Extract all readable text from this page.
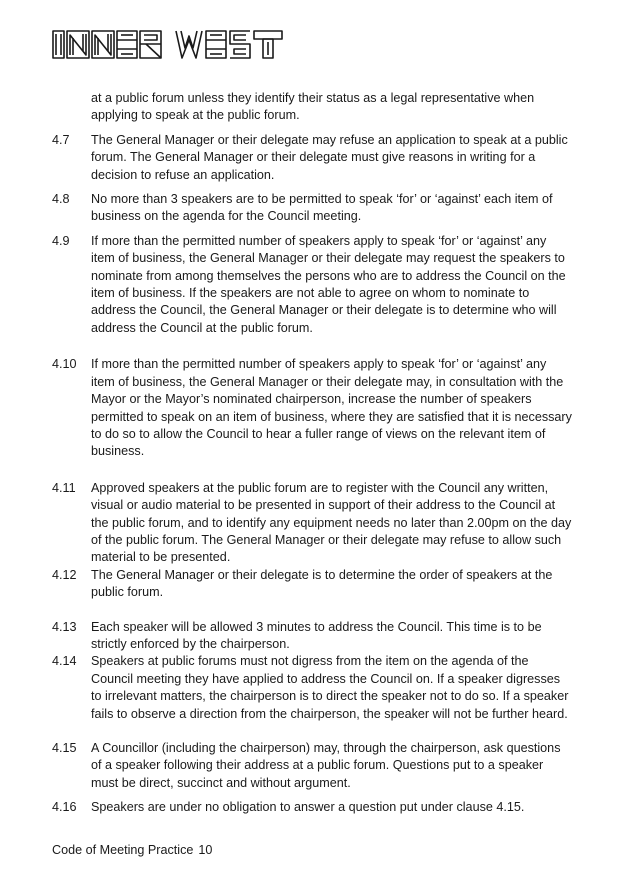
at a public forum unless they identify their status as a legal representative when applying to speak at the public forum.
4.7	The General Manager or their delegate may refuse an application to speak at a public forum. The General Manager or their delegate must give reasons in writing for a decision to refuse an application.
4.8	No more than 3 speakers are to be permitted to speak ‘for’ or ‘against’ each item of business on the agenda for the Council meeting.
4.9	If more than the permitted number of speakers apply to speak ‘for’ or ‘against’ any item of business, the General Manager or their delegate may request the speakers to nominate from among themselves the persons who are to address the Council on the item of business. If the speakers are not able to agree on whom to nominate to address the Council, the General Manager or their delegate is to determine who will address the Council at the public forum.
4.10	If more than the permitted number of speakers apply to speak ‘for’ or ‘against’ any item of business, the General Manager or their delegate may, in consultation with the Mayor or the Mayor’s nominated chairperson, increase the number of speakers permitted to speak on an item of business, where they are satisfied that it is necessary to do so to allow the Council to hear a fuller range of views on the relevant item of business.
4.11	Approved speakers at the public forum are to register with the Council any written, visual or audio material to be presented in support of their address to the Council at the public forum, and to identify any equipment needs no later than 2.00pm on the day of the public forum. The General Manager or their delegate may refuse to allow such material to be presented.
4.12	The General Manager or their delegate is to determine the order of speakers at the public forum.
4.13	Each speaker will be allowed 3 minutes to address the Council. This time is to be strictly enforced by the chairperson.
4.14	Speakers at public forums must not digress from the item on the agenda of the Council meeting they have applied to address the Council on. If a speaker digresses to irrelevant matters, the chairperson is to direct the speaker not to do so. If a speaker fails to observe a direction from the chairperson, the speaker will not be further heard.
4.15	A Councillor (including the chairperson) may, through the chairperson, ask questions of a speaker following their address at a public forum. Questions put to a speaker must be direct, succinct and without argument.
4.16	Speakers are under no obligation to answer a question put under clause 4.15.
Code of Meeting Practice 10
